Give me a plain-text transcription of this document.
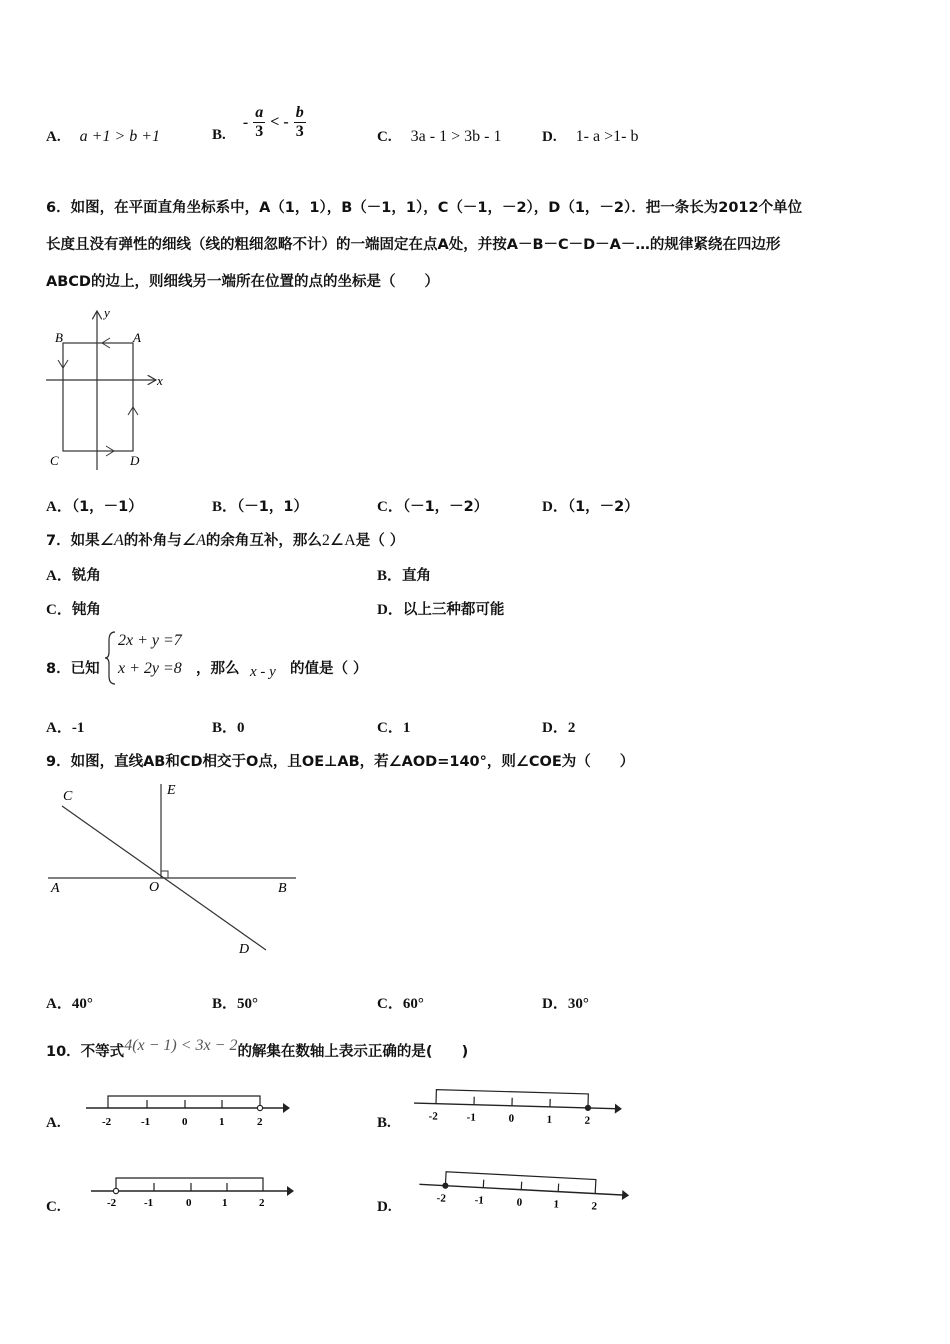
A. a +1 > b +1	B. - $\frac{a}{3}$ < - $\frac{b}{3}$	C. 3a - 1 > 3b - 1	D. 1- a >1- b
6．如图，在平面直角坐标系中，A（1，1），B（－1，1），C（－1，－2），D（1，－2）．把一条长为2012个单位
长度且没有弹性的细线（线的粗细忽略不计）的一端固定在点A处，并按A－B－C－D－A－…的规律紧绕在四边形
ABCD的边上，则细线另一端所在位置的点的坐标是（　　）
B	A
C	D
x
y
A．（1，－1）	B．（－1，1）	C．（－1，－2）	D．（1，－2）
7．如果∠A的补角与∠A的余角互补，那么2∠A是（ ）
A．锐角	B．直角
C．钝角	D．以上三种都可能
8．已知
2x + y =7
x + 2y =8 ，那么 x - y 的值是（ ）
A．-1	B．0	C．1	D．2
9．如图，直线AB和CD相交于O点，且OE⊥AB，若∠AOD=140°，则∠COE为（　　）
C	E
A	O	B
D
A．40°	B．50°	C．60°	D．30°
10．不等式4(x − 1) < 3x − 2的解集在数轴上表示正确的是(　　)
A.	-2	-1	0	1	2	B.	-2	-1	0	1	2
C.	-2	-1	0	1	2	D.
-2	-1	0	1	2
